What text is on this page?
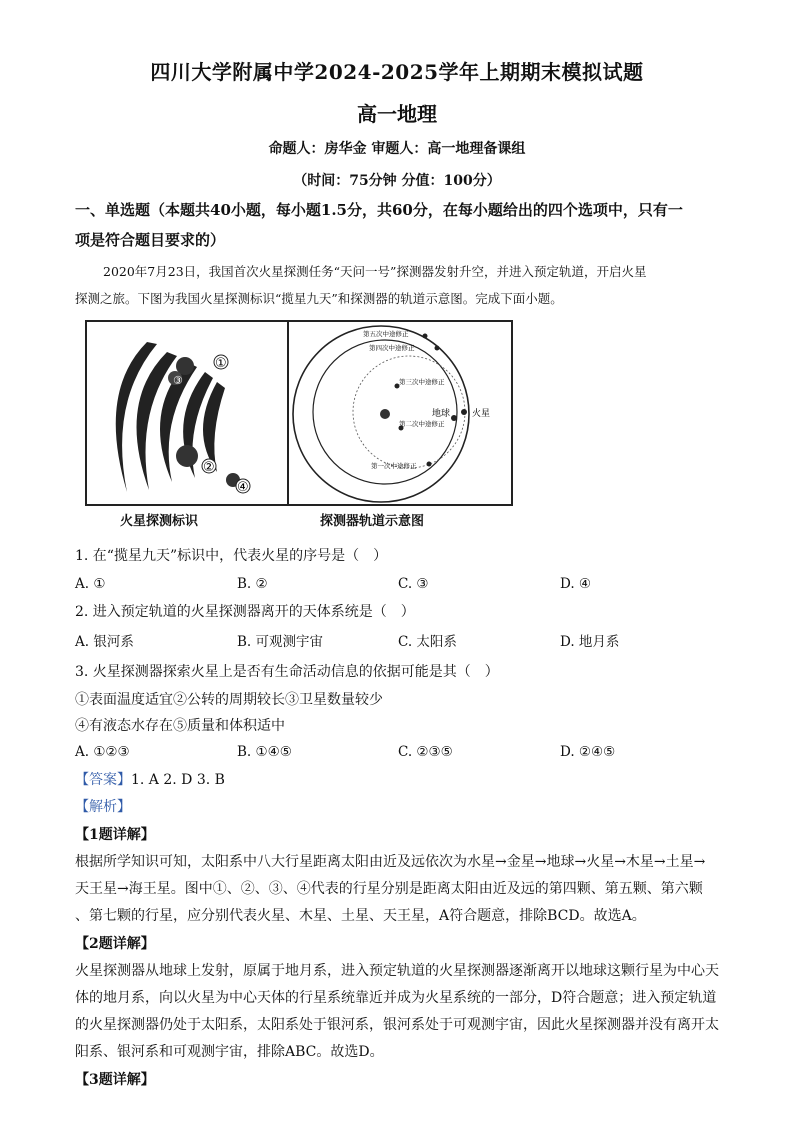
四川大学附属中学2024-2025学年上期期末模拟试题
高一地理
命题人：房华金 审题人：高一地理备课组
（时间：75分钟 分值：100分）
一、单选题（本题共40小题，每小题1.5分，共60分，在每小题给出的四个选项中，只有一
项是符合题目要求的）
2020年7月23日，我国首次火星探测任务“天问一号”探测器发射升空，并进入预定轨道，开启火星
探测之旅。下图为我国火星探测标识“揽星九天”和探测器的轨道示意图。完成下面小题。
①
②
③
④
第五次中途修正
第四次中途修正
第三次中途修正
第二次中途修正
第一次中途修正
地球 火星
火星探测标识	探测器轨道示意图
1. 在“揽星九天”标识中，代表火星的序号是（　）
A. ①	B. ②	C. ③	D. ④
2. 进入预定轨道的火星探测器离开的天体系统是（　）
A. 银河系	B. 可观测宇宙	C. 太阳系	D. 地月系
3. 火星探测器探索火星上是否有生命活动信息的依据可能是其（　）
①表面温度适宜②公转的周期较长③卫星数量较少
④有液态水存在⑤质量和体积适中
A. ①②③	B. ①④⑤	C. ②③⑤	D. ②④⑤
【答案】1. A 2. D 3. B
【解析】
【1题详解】
根据所学知识可知，太阳系中八大行星距离太阳由近及远依次为水星→金星→地球→火星→木星→土星→
天王星→海王星。图中①、②、③、④代表的行星分别是距离太阳由近及远的第四颗、第五颗、第六颗
、第七颗的行星，应分别代表火星、木星、土星、天王星，A符合题意，排除BCD。故选A。
【2题详解】
火星探测器从地球上发射，原属于地月系，进入预定轨道的火星探测器逐渐离开以地球这颗行星为中心天
体的地月系，向以火星为中心天体的行星系统靠近并成为火星系统的一部分，D符合题意；进入预定轨道
的火星探测器仍处于太阳系，太阳系处于银河系，银河系处于可观测宇宙，因此火星探测器并没有离开太
阳系、银河系和可观测宇宙，排除ABC。故选D。
【3题详解】
